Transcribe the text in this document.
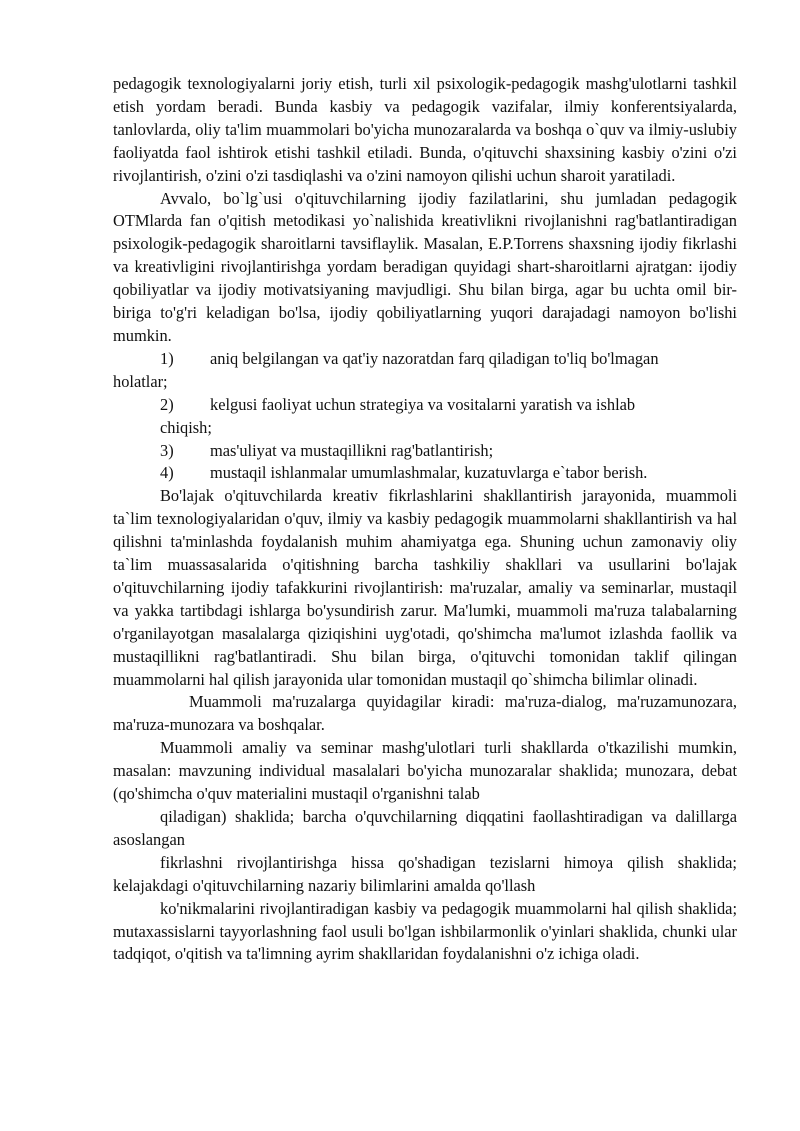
pedagogik texnologiyalarni joriy etish, turli xil psixologik-pedagogik mashg'ulotlarni tashkil etish yordam beradi. Bunda kasbiy va pedagogik vazifalar, ilmiy konferentsiyalarda, tanlovlarda, oliy ta'lim muammolari bo'yicha munozaralarda va boshqa o`quv va ilmiy-uslubiy faoliyatda faol ishtirok etishi tashkil etiladi. Bunda, o'qituvchi shaxsining kasbiy o'zini o'zi rivojlantirish, o'zini o'zi tasdiqlashi va o'zini namoyon qilishi uchun sharoit yaratiladi.

Avvalo, bo`lg`usi o'qituvchilarning ijodiy fazilatlarini, shu jumladan pedagogik OTMlarda fan o'qitish metodikasi yo`nalishida kreativlikni rivojlanishni rag'batlantiradigan psixologik-pedagogik sharoitlarni tavsiflaylik. Masalan, E.P.Torrens shaxsning ijodiy fikrlashi va kreativligini rivojlantirishga yordam beradigan quyidagi shart-sharoitlarni ajratgan: ijodiy qobiliyatlar va ijodiy motivatsiyaning mavjudligi. Shu bilan birga, agar bu uchta omil bir-biriga to'g'ri keladigan bo'lsa, ijodiy qobiliyatlarning yuqori darajadagi namoyon bo'lishi mumkin.

1)	aniq belgilangan va qat'iy nazoratdan farq qiladigan to'liq bo'lmagan

holatlar;

2)	kelgusi faoliyat uchun strategiya va vositalarni yaratish va ishlab

chiqish;

3)	mas'uliyat va mustaqillikni rag'batlantirish;
4)	mustaqil ishlanmalar umumlashmalar, kuzatuvlarga e`tabor berish.

Bo'lajak o'qituvchilarda kreativ fikrlashlarini shakllantirish jarayonida, muammoli ta`lim texnologiyalaridan o'quv, ilmiy va kasbiy pedagogik muammolarni shakllantirish va hal qilishni ta'minlashda foydalanish muhim ahamiyatga ega. Shuning uchun zamonaviy oliy ta`lim muassasalarida o'qitishning barcha tashkiliy shakllari va usullarini bo'lajak o'qituvchilarning ijodiy tafakkurini rivojlantirish: ma'ruzalar, amaliy va seminarlar, mustaqil va yakka tartibdagi ishlarga bo'ysundirish zarur. Ma'lumki, muammoli ma'ruza talabalarning o'rganilayotgan masalalarga qiziqishini uyg'otadi, qo'shimcha ma'lumot izlashda faollik va mustaqillikni rag'batlantiradi. Shu bilan birga, o'qituvchi tomonidan taklif qilingan muammolarni hal qilish jarayonida ular tomonidan mustaqil qo`shimcha bilimlar olinadi.

Muammoli ma'ruzalarga quyidagilar kiradi: ma'ruza-dialog, ma'ruzamunozara, ma'ruza-munozara va boshqalar.

Muammoli amaliy va seminar mashg'ulotlari turli shakllarda o'tkazilishi mumkin, masalan: mavzuning individual masalalari bo'yicha munozaralar shaklida; munozara, debat (qo'shimcha o'quv materialini mustaqil o'rganishni talab

qiladigan) shaklida; barcha o'quvchilarning diqqatini faollashtiradigan va dalillarga asoslangan

fikrlashni rivojlantirishga hissa qo'shadigan tezislarni himoya qilish shaklida; kelajakdagi o'qituvchilarning nazariy bilimlarini amalda qo'llash

ko'nikmalarini rivojlantiradigan kasbiy va pedagogik muammolarni hal qilish shaklida; mutaxassislarni tayyorlashning faol usuli bo'lgan ishbilarmonlik o'yinlari shaklida, chunki ular tadqiqot, o'qitish va ta'limning ayrim shakllaridan foydalanishni o'z ichiga oladi.
